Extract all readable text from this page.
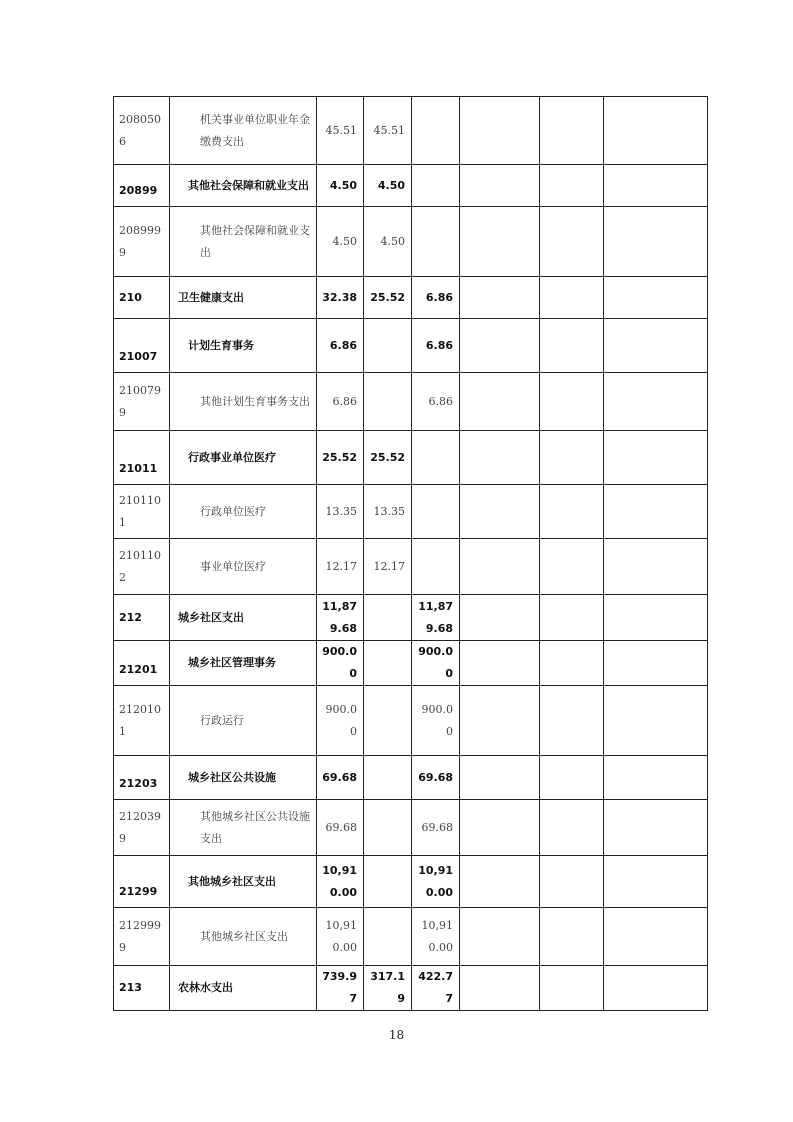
2080506	机关事业单位职业年金缴费支出	45.51	45.51				
20899	其他社会保障和就业支出	4.50	4.50				
2089999	其他社会保障和就业支出	4.50	4.50				
210	卫生健康支出	32.38	25.52	6.86			
21007	计划生育事务	6.86		6.86			
2100799	其他计划生育事务支出	6.86		6.86			
21011	行政事业单位医疗	25.52	25.52				
2101101	行政单位医疗	13.35	13.35				
2101102	事业单位医疗	12.17	12.17				
212	城乡社区支出	11,879.68		11,879.68			
21201	城乡社区管理事务	900.00		900.00			
2120101	行政运行	900.00		900.00			
21203	城乡社区公共设施	69.68		69.68			
2120399	其他城乡社区公共设施支出	69.68		69.68			
21299	其他城乡社区支出	10,910.00		10,910.00			
2129999	其他城乡社区支出	10,910.00		10,910.00			
213	农林水支出	739.97	317.19	422.77			
18
